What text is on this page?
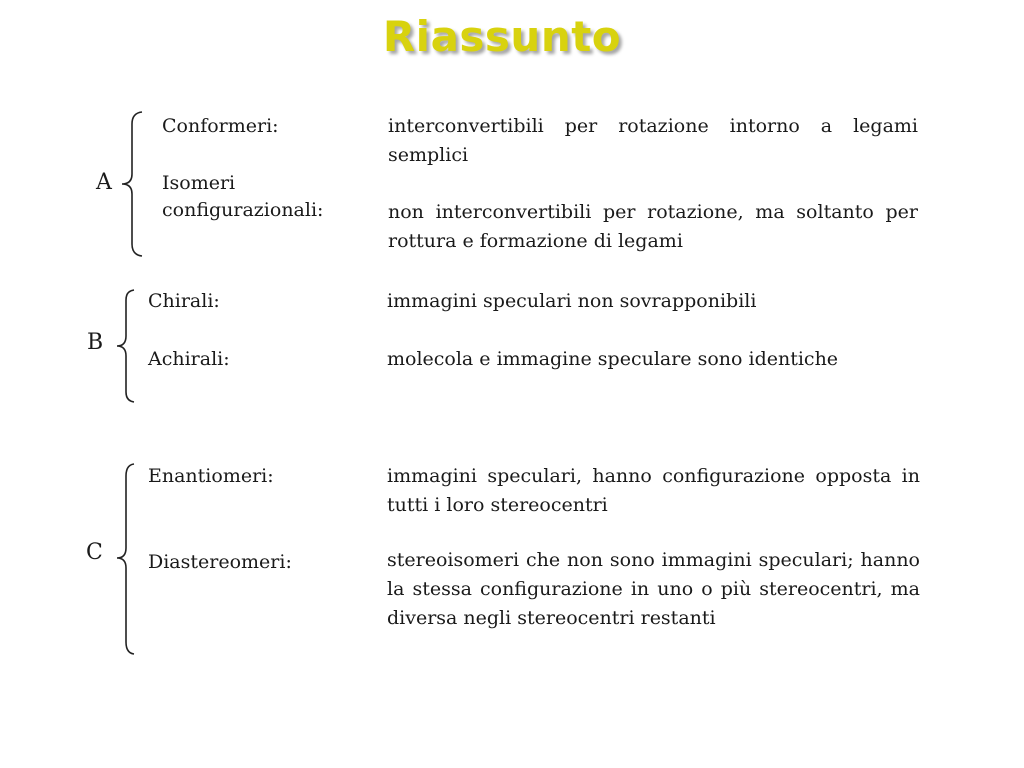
Riassunto
A
Conformeri:	interconvertibili per rotazione intorno a legami semplici
Isomeri
configurazionali:	non interconvertibili per rotazione, ma soltanto per rottura e formazione di legami
B
Chirali:	immagini speculari non sovrapponibili
Achirali:	molecola e immagine speculare sono identiche
C
Enantiomeri:	immagini speculari, hanno configurazione opposta in tutti i loro stereocentri
Diastereomeri:	stereoisomeri che non sono immagini speculari; hanno la stessa configurazione in uno o più stereocentri, ma diversa negli stereocentri restanti
